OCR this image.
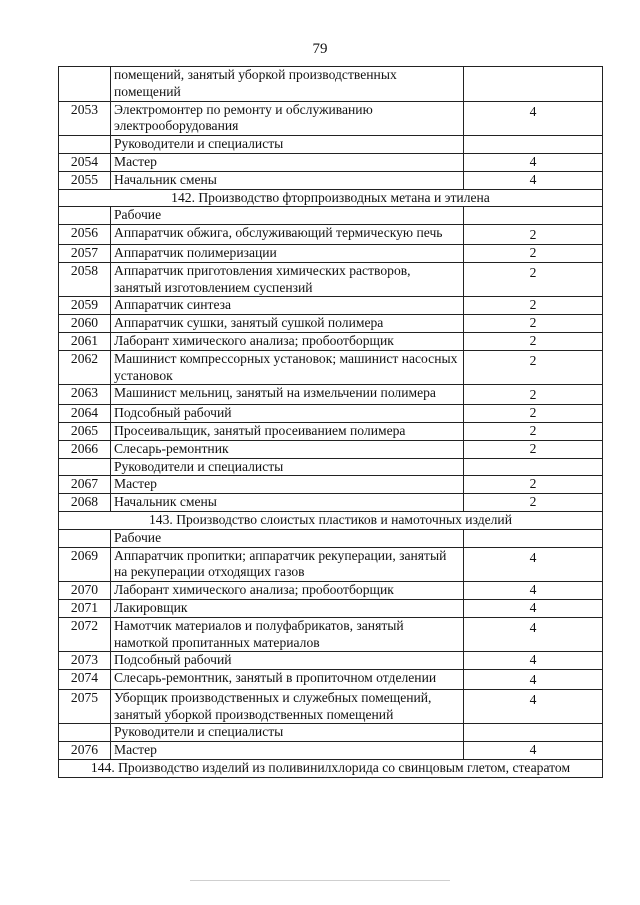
79
	помещений, занятый уборкой производственных помещений	
2053	Электромонтер по ремонту и обслуживанию электрооборудования	4
	Руководители и специалисты	
2054	Мастер	4
2055	Начальник смены	4
142. Производство фторпроизводных метана и этилена		
	Рабочие	
2056	Аппаратчик обжига, обслуживающий термическую печь	2
2057	Аппаратчик полимеризации	2
2058	Аппаратчик приготовления химических растворов, занятый изготовлением суспензий	2
2059	Аппаратчик синтеза	2
2060	Аппаратчик сушки, занятый сушкой полимера	2
2061	Лаборант химического анализа; пробоотборщик	2
2062	Машинист компрессорных установок; машинист насосных установок	2
2063	Машинист мельниц, занятый на измельчении полимера	2
2064	Подсобный рабочий	2
2065	Просеивальщик, занятый просеиванием полимера	2
2066	Слесарь-ремонтник	2
	Руководители и специалисты	
2067	Мастер	2
2068	Начальник смены	2
143. Производство слоистых пластиков и намоточных изделий		
	Рабочие	
2069	Аппаратчик пропитки; аппаратчик рекуперации, занятый на рекуперации отходящих газов	4
2070	Лаборант химического анализа; пробоотборщик	4
2071	Лакировщик	4
2072	Намотчик материалов и полуфабрикатов, занятый намоткой пропитанных материалов	4
2073	Подсобный рабочий	4
2074	Слесарь-ремонтник, занятый в пропиточном отделении	4
2075	Уборщик производственных и служебных помещений, занятый уборкой производственных помещений	4
	Руководители и специалисты	
2076	Мастер	4
144. Производство изделий из поливинилхлорида со свинцовым глетом, стеаратом		
